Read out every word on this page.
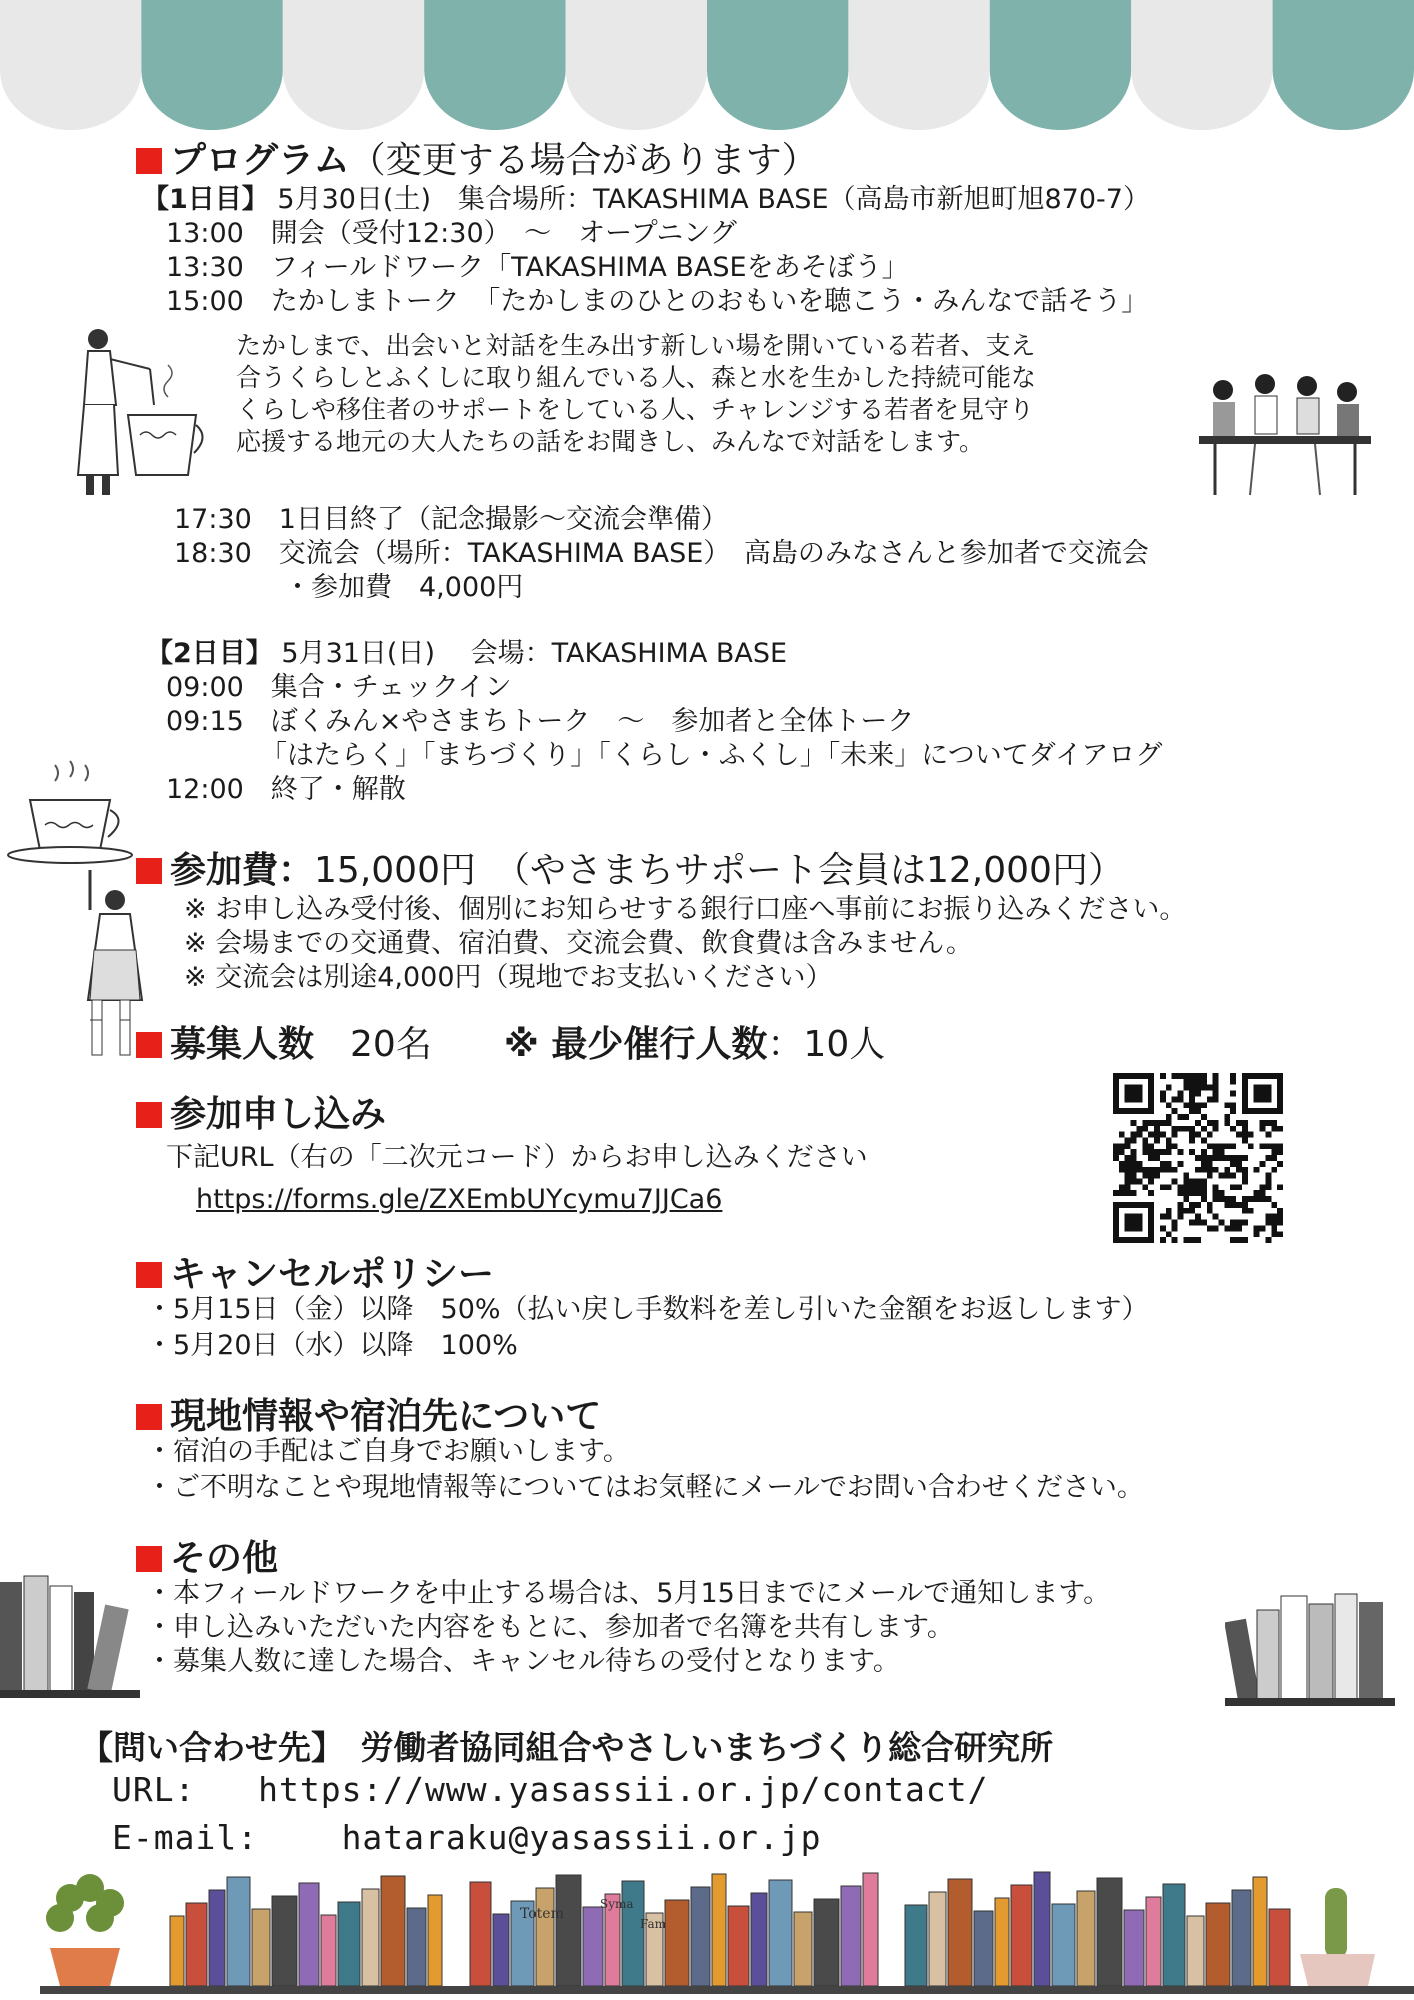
プログラム（変更する場合があります）
【1日目】 5月30日(土)　集合場所：TAKASHIMA BASE（高島市新旭町旭870-7）
13:00　開会（受付12:30）　～　オープニング
13:30　フィールドワーク「TAKASHIMA BASEをあそぼう」
15:00　たかしまトーク　「たかしまのひとのおもいを聴こう・みんなで話そう」
たかしまで、出会いと対話を生み出す新しい場を開いている若者、支え
合うくらしとふくしに取り組んでいる人、森と水を生かした持続可能な
くらしや移住者のサポートをしている人、チャレンジする若者を見守り
応援する地元の大人たちの話をお聞きし、みんなで対話をします。
17:30　1日目終了（記念撮影～交流会準備）
18:30　交流会（場所：TAKASHIMA BASE）　高島のみなさんと参加者で交流会
・参加費　4,000円
【2日目】 5月31日(日)　 会場：TAKASHIMA BASE
09:00　集合・チェックイン
09:15　ぼくみん×やさまちトーク　～　参加者と全体トーク
「はたらく」「まちづくり」「くらし・ふくし」「未来」についてダイアログ
12:00　終了・解散
参加費：15,000円　（やさまちサポート会員は12,000円）
※ お申し込み受付後、個別にお知らせする銀行口座へ事前にお振り込みください。
※ 会場までの交通費、宿泊費、交流会費、飲食費は含みません。
※ 交流会は別途4,000円（現地でお支払いください）
募集人数　 20名　　 ※ 最少催行人数：10人
参加申し込み
下記URL（右の「二次元コード）からお申し込みください
https://forms.gle/ZXEmbUYcymu7JJCa6
キャンセルポリシー
・5月15日（金）以降　50%（払い戻し手数料を差し引いた金額をお返しします）
・5月20日（水）以降　100%
現地情報や宿泊先について
・宿泊の手配はご自身でお願いします。
・ご不明なことや現地情報等についてはお気軽にメールでお問い合わせください。
その他
・本フィールドワークを中止する場合は、5月15日までにメールで通知します。
・申し込みいただいた内容をもとに、参加者で名簿を共有します。
・募集人数に達した場合、キャンセル待ちの受付となります。
【問い合わせ先】　 労働者協同組合やさしいまちづくり総合研究所
URL: https://www.yasassii.or.jp/contact/
E-mail:	hataraku@yasassii.or.jp
Totem
Fam
Syma
